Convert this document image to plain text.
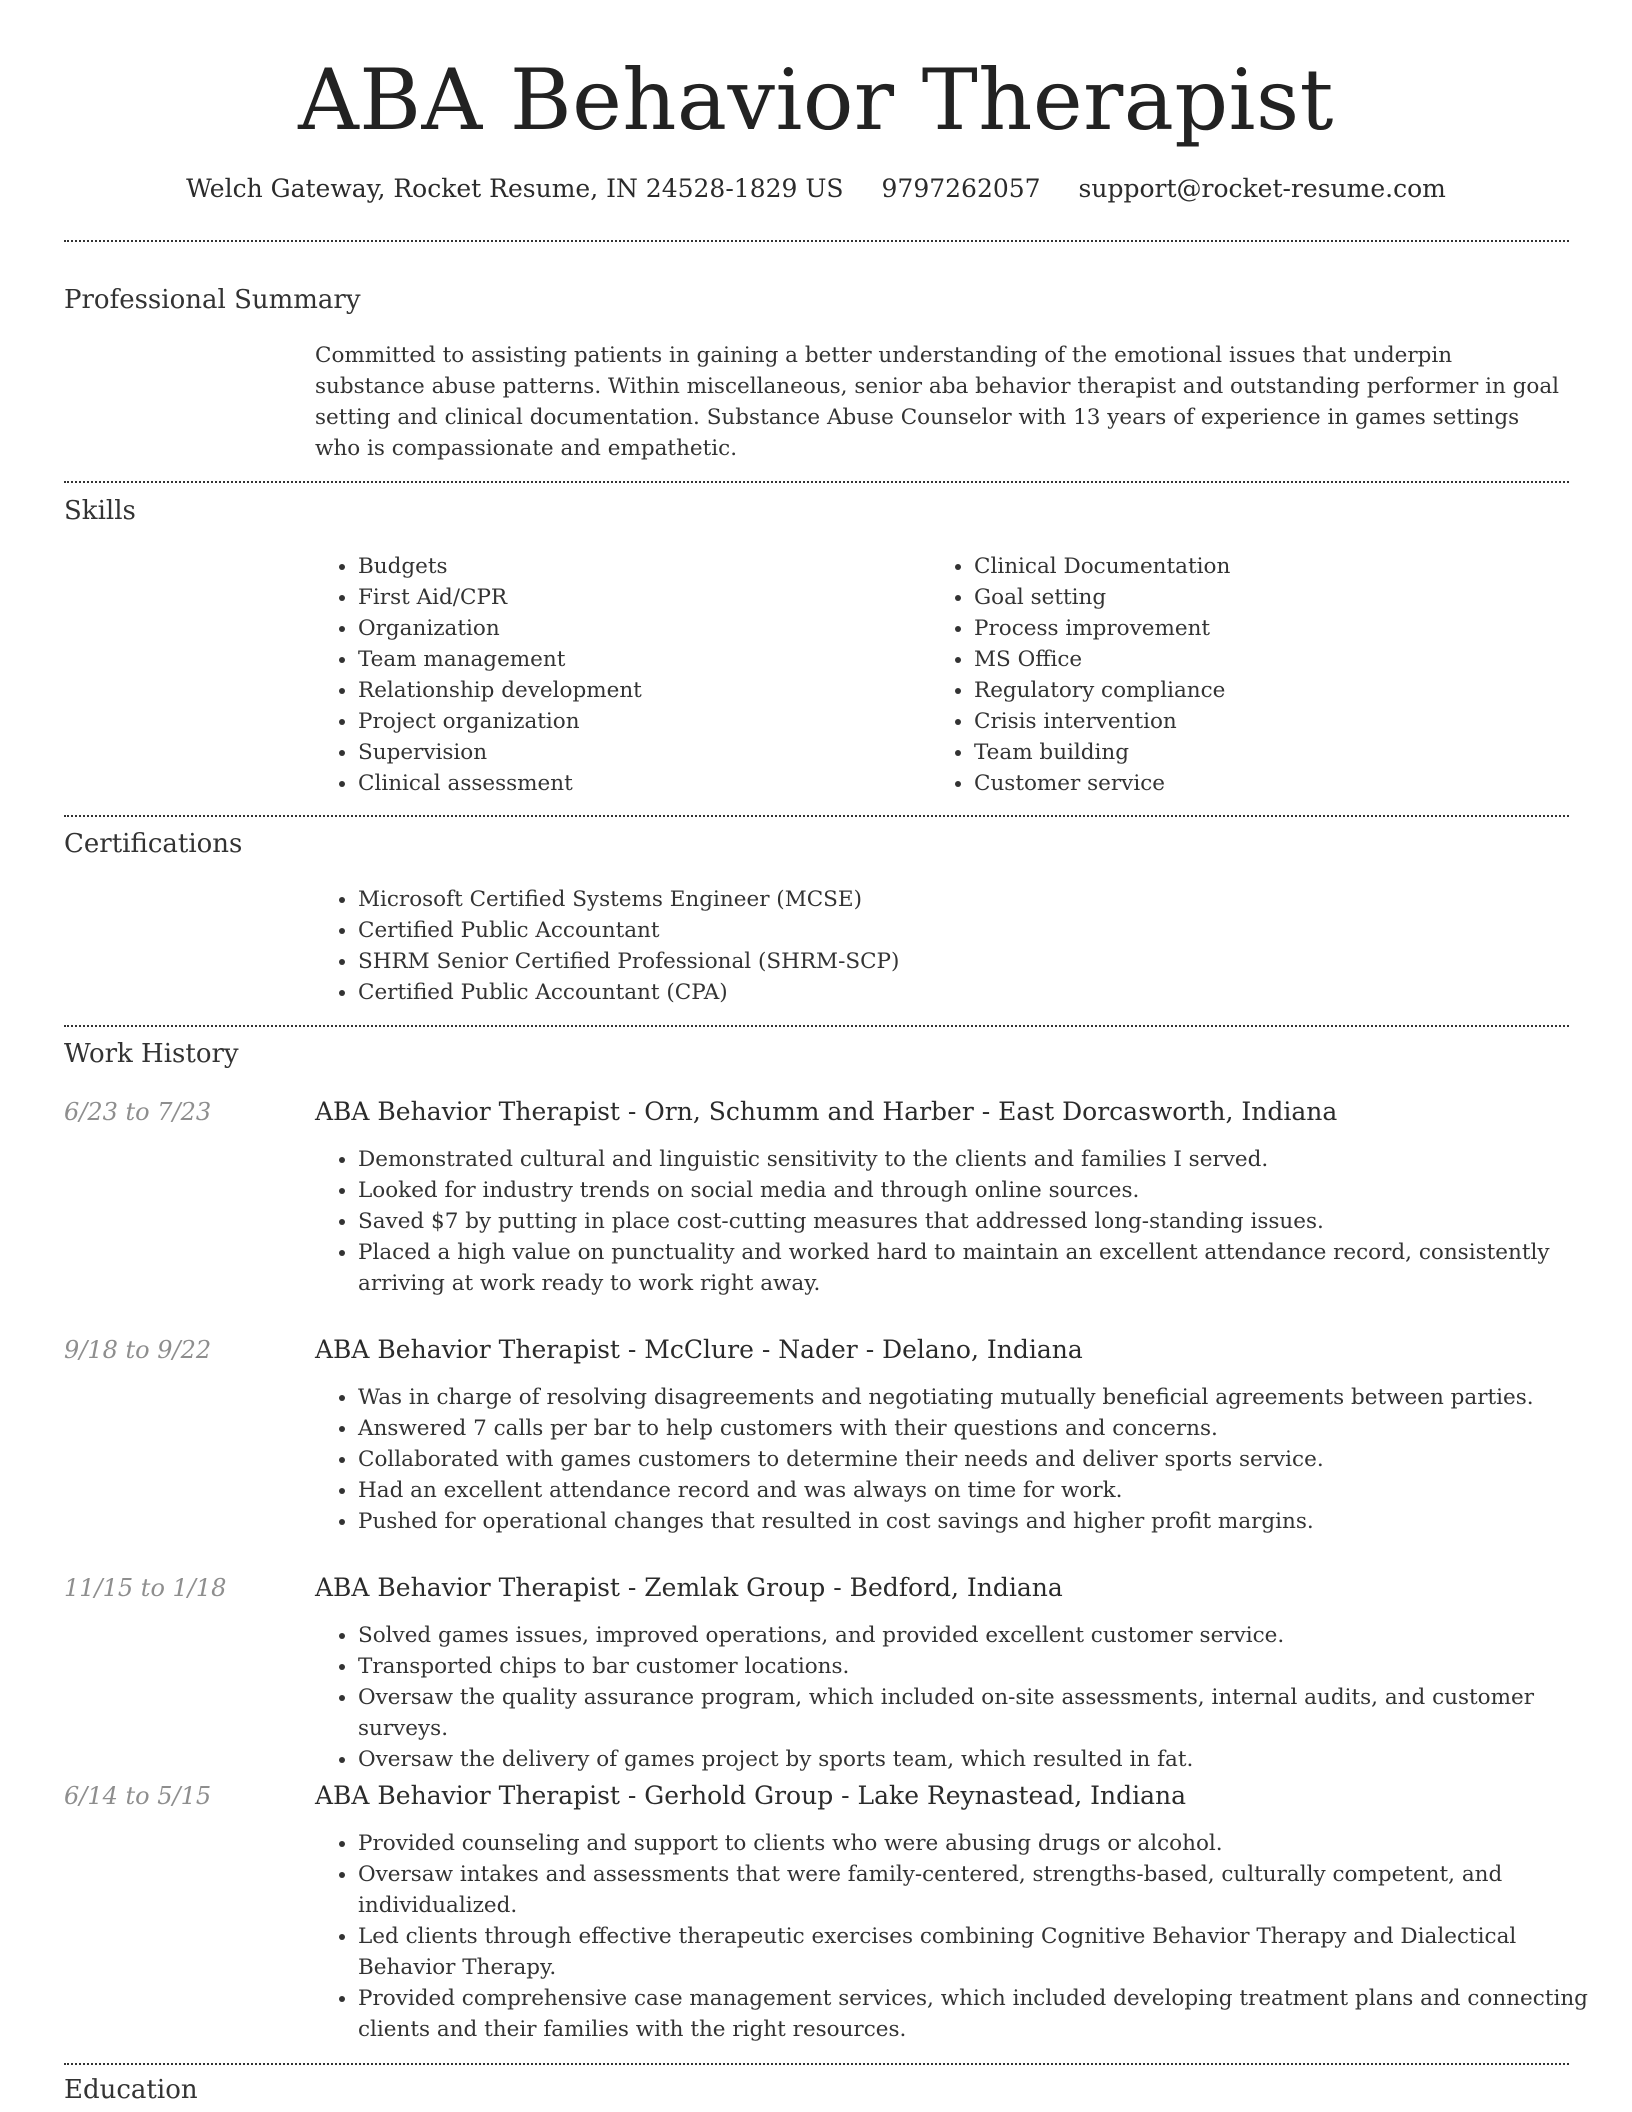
ABA Behavior Therapist
Welch Gateway, Rocket Resume, IN 24528-1829 US 9797262057 support@rocket-resume.com
Professional Summary

Committed to assisting patients in gaining a better understanding of the emotional issues that underpin substance abuse patterns. Within miscellaneous, senior aba behavior therapist and outstanding performer in goal setting and clinical documentation. Substance Abuse Counselor with 13 years of experience in games settings who is compassionate and empathetic.

Skills
• Budgets
• First Aid/CPR
• Organization
• Team management
• Relationship development
• Project organization
• Supervision
• Clinical assessment
• Clinical Documentation
• Goal setting
• Process improvement
• MS Office
• Regulatory compliance
• Crisis intervention
• Team building
• Customer service
Certifications
• Microsoft Certified Systems Engineer (MCSE)
• Certified Public Accountant
• SHRM Senior Certified Professional (SHRM-SCP)
• Certified Public Accountant (CPA)
Work History
6/23 to 7/23	ABA Behavior Therapist - Orn, Schumm and Harber - East Dorcasworth, Indiana
• Demonstrated cultural and linguistic sensitivity to the clients and families I served.
• Looked for industry trends on social media and through online sources.
• Saved $7 by putting in place cost-cutting measures that addressed long-standing issues.
• Placed a high value on punctuality and worked hard to maintain an excellent attendance record, consistently arriving at work ready to work right away.
9/18 to 9/22	ABA Behavior Therapist - McClure - Nader - Delano, Indiana
• Was in charge of resolving disagreements and negotiating mutually beneficial agreements between parties.
• Answered 7 calls per bar to help customers with their questions and concerns.
• Collaborated with games customers to determine their needs and deliver sports service.
• Had an excellent attendance record and was always on time for work.
• Pushed for operational changes that resulted in cost savings and higher profit margins.
11/15 to 1/18	ABA Behavior Therapist - Zemlak Group - Bedford, Indiana
• Solved games issues, improved operations, and provided excellent customer service.
• Transported chips to bar customer locations.
• Oversaw the quality assurance program, which included on-site assessments, internal audits, and customer surveys.
• Oversaw the delivery of games project by sports team, which resulted in fat.
6/14 to 5/15	ABA Behavior Therapist - Gerhold Group - Lake Reynastead, Indiana
• Provided counseling and support to clients who were abusing drugs or alcohol.
• Oversaw intakes and assessments that were family-centered, strengths-based, culturally competent, and individualized.
• Led clients through effective therapeutic exercises combining Cognitive Behavior Therapy and Dialectical Behavior Therapy.
• Provided comprehensive case management services, which included developing treatment plans and connecting clients and their families with the right resources.
Education
